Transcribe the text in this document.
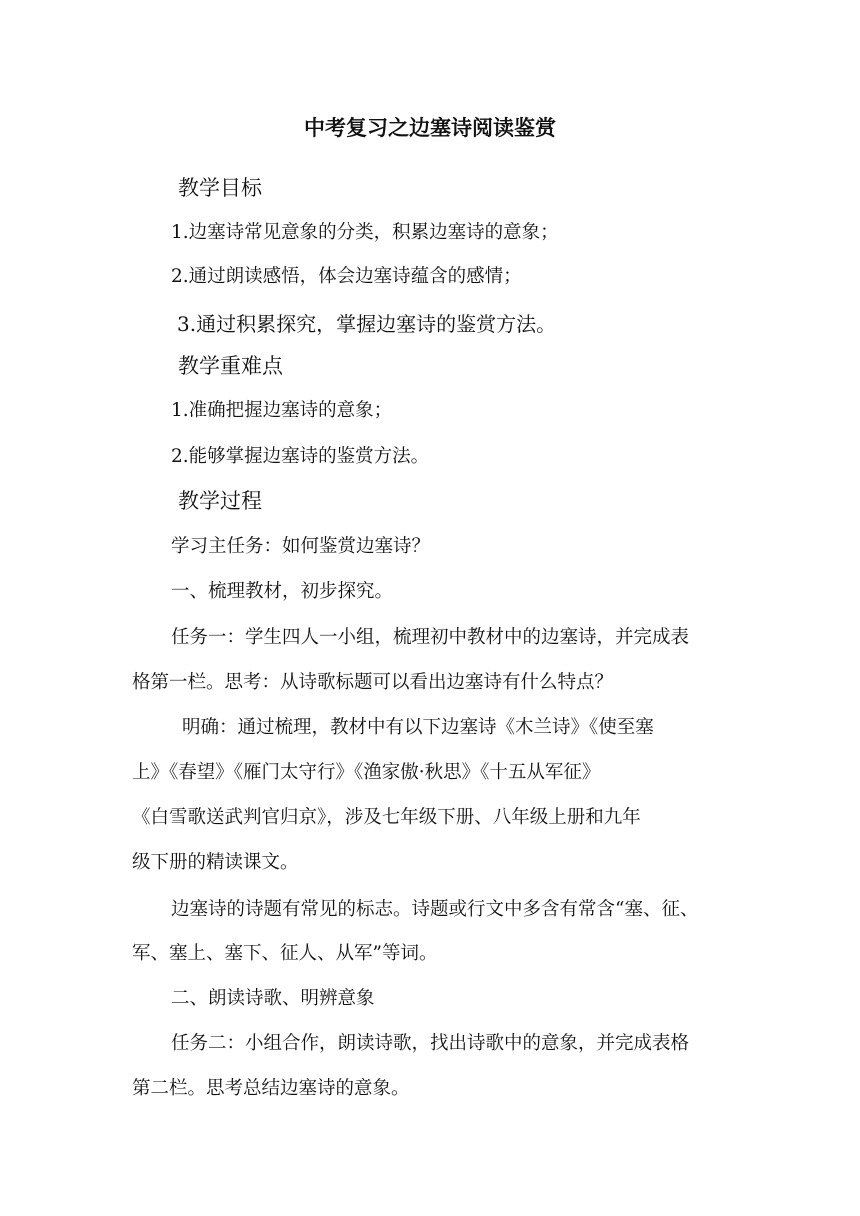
中考复习之边塞诗阅读鉴赏
教学目标
1.边塞诗常见意象的分类，积累边塞诗的意象；
2.通过朗读感悟，体会边塞诗蕴含的感情；
3.通过积累探究，掌握边塞诗的鉴赏方法。
教学重难点
1.准确把握边塞诗的意象；
2.能够掌握边塞诗的鉴赏方法。
教学过程
学习主任务：如何鉴赏边塞诗？
一、梳理教材，初步探究。
任务一：学生四人一小组，梳理初中教材中的边塞诗，并完成表
格第一栏。思考：从诗歌标题可以看出边塞诗有什么特点？
明确：通过梳理，教材中有以下边塞诗《木兰诗》《使至塞
上》《春望》《雁门太守行》《渔家傲·秋思》《十五从军征》
《白雪歌送武判官归京》，涉及七年级下册、八年级上册和九年
级下册的精读课文。
边塞诗的诗题有常见的标志。诗题或行文中多含有常含“塞、征、
军、塞上、塞下、征人、从军”等词。
二、朗读诗歌、明辨意象
任务二：小组合作，朗读诗歌，找出诗歌中的意象，并完成表格
第二栏。思考总结边塞诗的意象。
